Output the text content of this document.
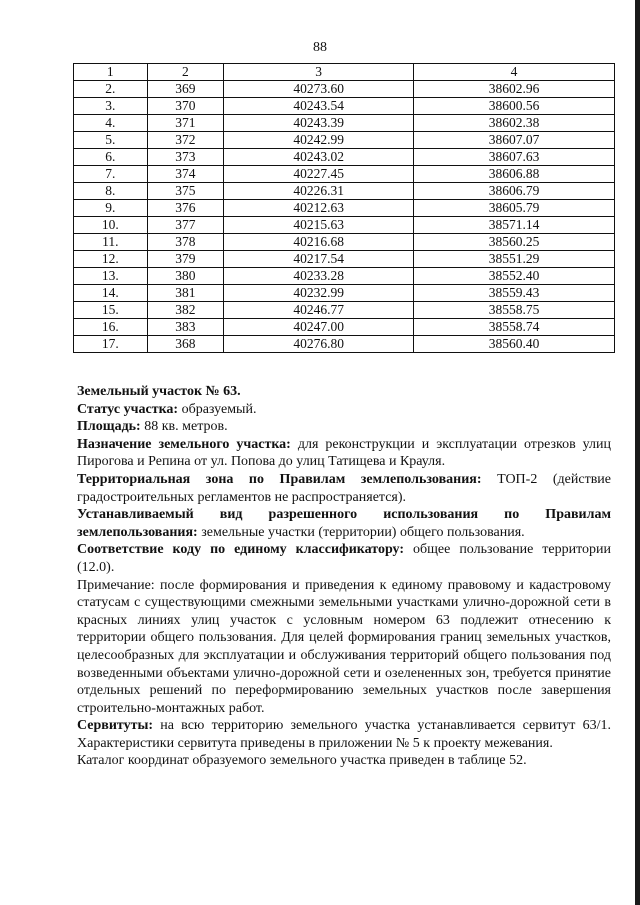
88
1	2	3	4
2.	369	40273.60	38602.96
3.	370	40243.54	38600.56
4.	371	40243.39	38602.38
5.	372	40242.99	38607.07
6.	373	40243.02	38607.63
7.	374	40227.45	38606.88
8.	375	40226.31	38606.79
9.	376	40212.63	38605.79
10.	377	40215.63	38571.14
11.	378	40216.68	38560.25
12.	379	40217.54	38551.29
13.	380	40233.28	38552.40
14.	381	40232.99	38559.43
15.	382	40246.77	38558.75
16.	383	40247.00	38558.74
17.	368	40276.80	38560.40

Земельный участок № 63.

Статус участка: образуемый.

Площадь: 88 кв. метров.

Назначение земельного участка: для реконструкции и эксплуатации отрезков улиц Пирогова и Репина от ул. Попова до улиц Татищева и Крауля.

Территориальная зона по Правилам землепользования: ТОП-2 (действие градостроительных регламентов не распространяется).

Устанавливаемый вид разрешенного использования по Правилам землепользования: земельные участки (территории) общего пользования.

Соответствие коду по единому классификатору: общее пользование территории (12.0).

Примечание: после формирования и приведения к единому правовому и кадастровому статусам с существующими смежными земельными участками улично-дорожной сети в красных линиях улиц участок с условным номером 63 подлежит отнесению к территории общего пользования. Для целей формирования границ земельных участков, целесообразных для эксплуатации и обслуживания территорий общего пользования под возведенными объектами улично-дорожной сети и озелененных зон, требуется принятие отдельных решений по переформированию земельных участков после завершения строительно-монтажных работ.

Сервитуты: на всю территорию земельного участка устанавливается сервитут 63/1. Характеристики сервитута приведены в приложении № 5 к проекту межевания.

Каталог координат образуемого земельного участка приведен в таблице 52.
